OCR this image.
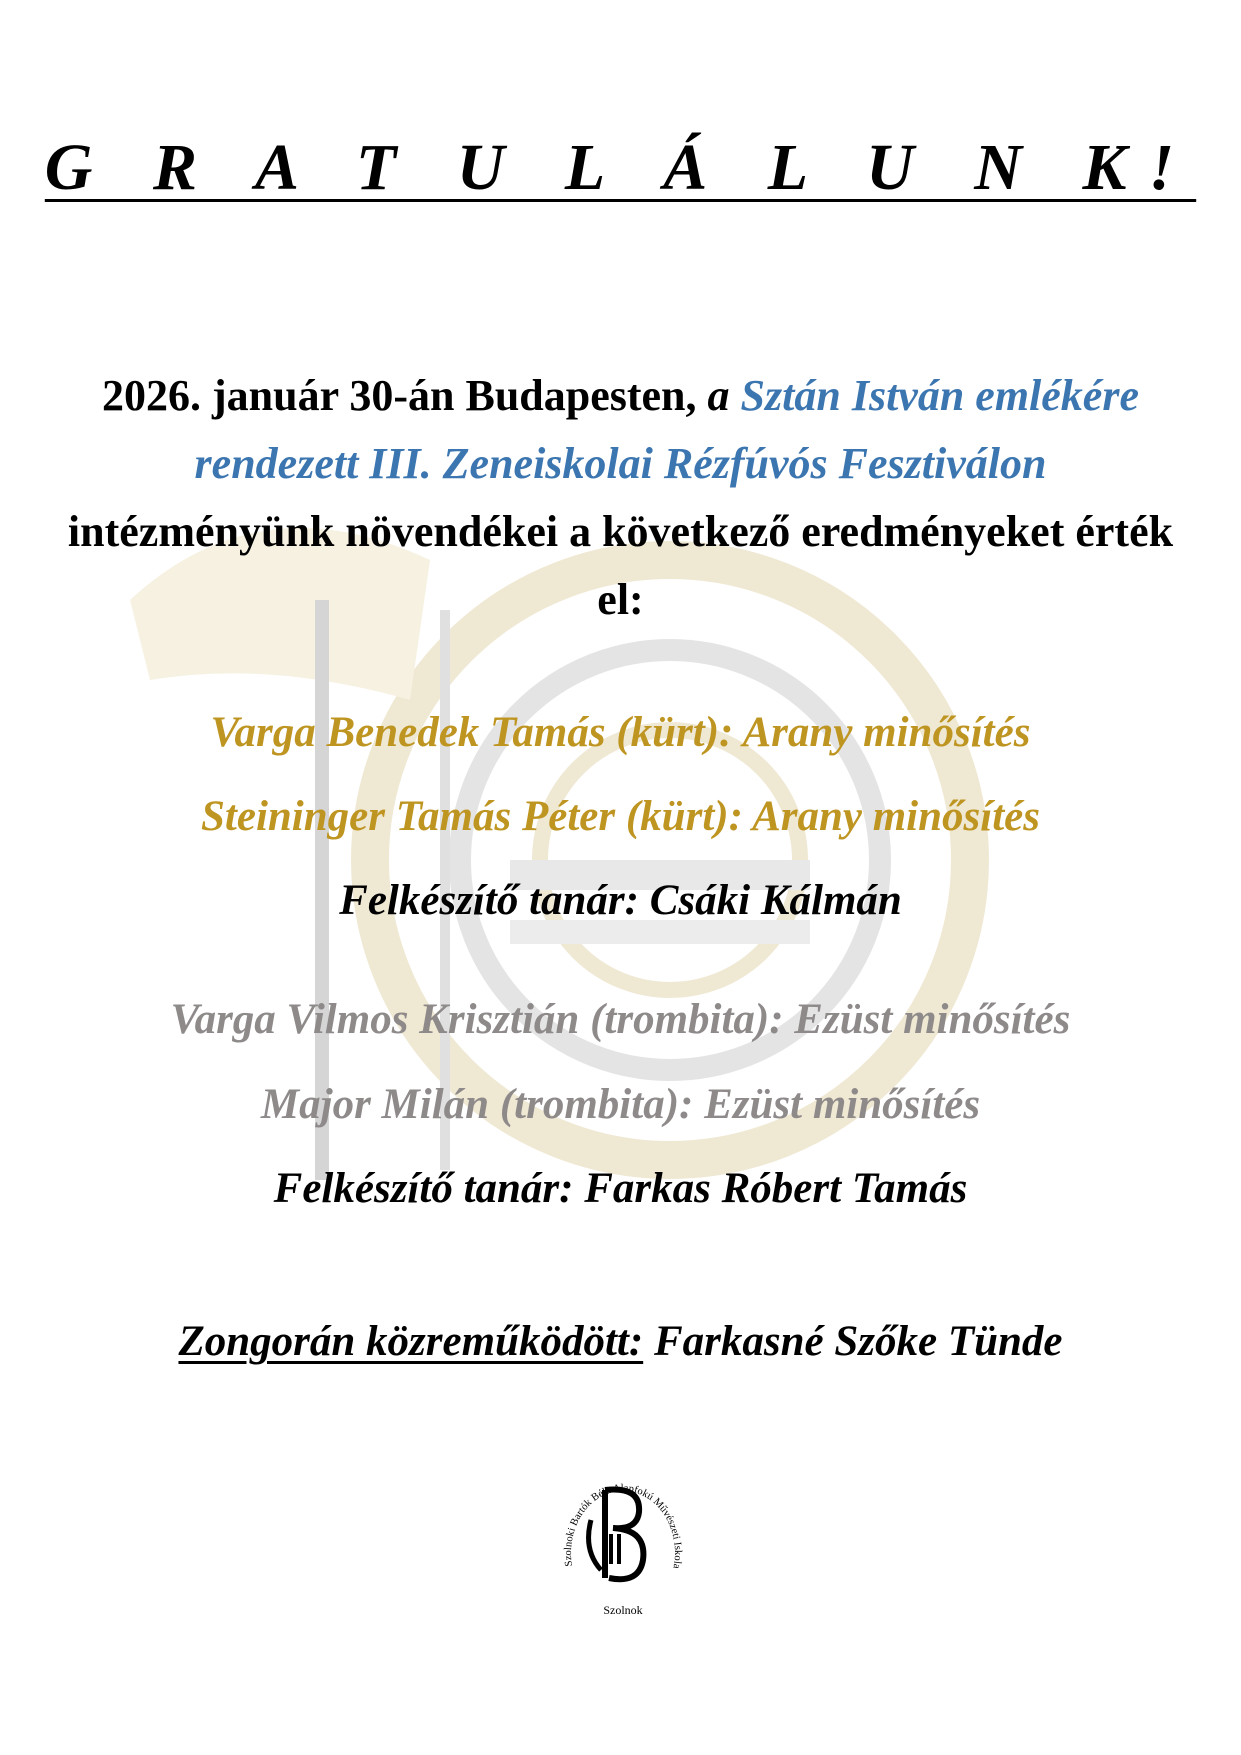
G R A T U L Á L U N K!
2026. január 30-án Budapesten, a Sztán István emlékére rendezett III. Zeneiskolai Rézfúvós Fesztiválon intézményünk növendékei a következő eredményeket érték el:
Varga Benedek Tamás (kürt): Arany minősítés
Steininger Tamás Péter (kürt): Arany minősítés
Felkészítő tanár: Csáki Kálmán
Varga Vilmos Krisztián (trombita): Ezüst minősítés
Major Milán (trombita): Ezüst minősítés
Felkészítő tanár: Farkas Róbert Tamás
Zongorán közreműködött: Farkasné Szőke Tünde
Szolnoki Bartók Béla Alapfokú Művészeti Iskola
Szolnok
